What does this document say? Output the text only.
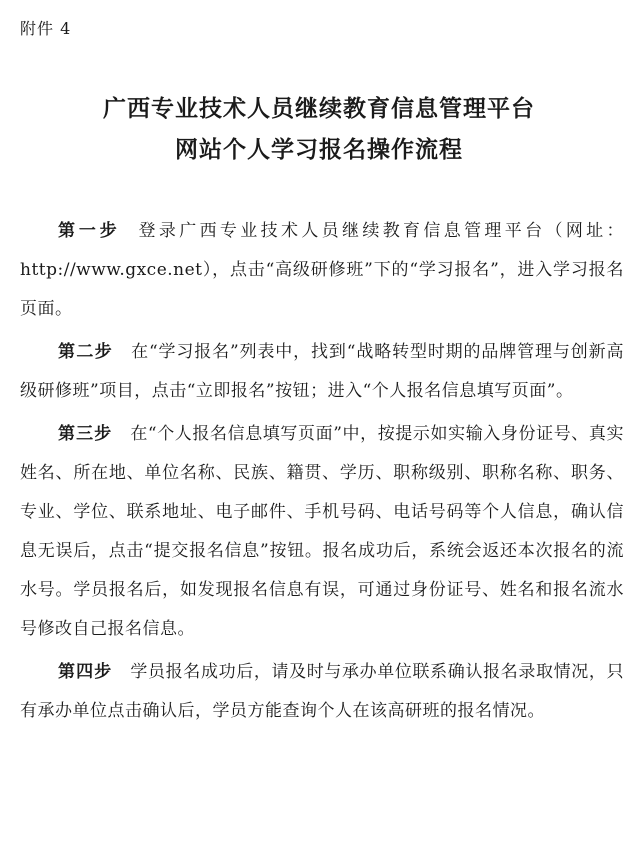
附件 4
广西专业技术人员继续教育信息管理平台
网站个人学习报名操作流程

第一步 登录广西专业技术人员继续教育信息管理平台（网址：http://www.gxce.net），点击“高级研修班”下的“学习报名”，进入学习报名页面。

第二步 在“学习报名”列表中，找到“战略转型时期的品牌管理与创新高级研修班”项目，点击“立即报名”按钮；进入“个人报名信息填写页面”。

第三步 在“个人报名信息填写页面”中，按提示如实输入身份证号、真实姓名、所在地、单位名称、民族、籍贯、学历、职称级别、职称名称、职务、专业、学位、联系地址、电子邮件、手机号码、电话号码等个人信息，确认信息无误后，点击“提交报名信息”按钮。报名成功后，系统会返还本次报名的流水号。学员报名后，如发现报名信息有误，可通过身份证号、姓名和报名流水号修改自己报名信息。

第四步 学员报名成功后，请及时与承办单位联系确认报名录取情况，只有承办单位点击确认后，学员方能查询个人在该高研班的报名情况。
